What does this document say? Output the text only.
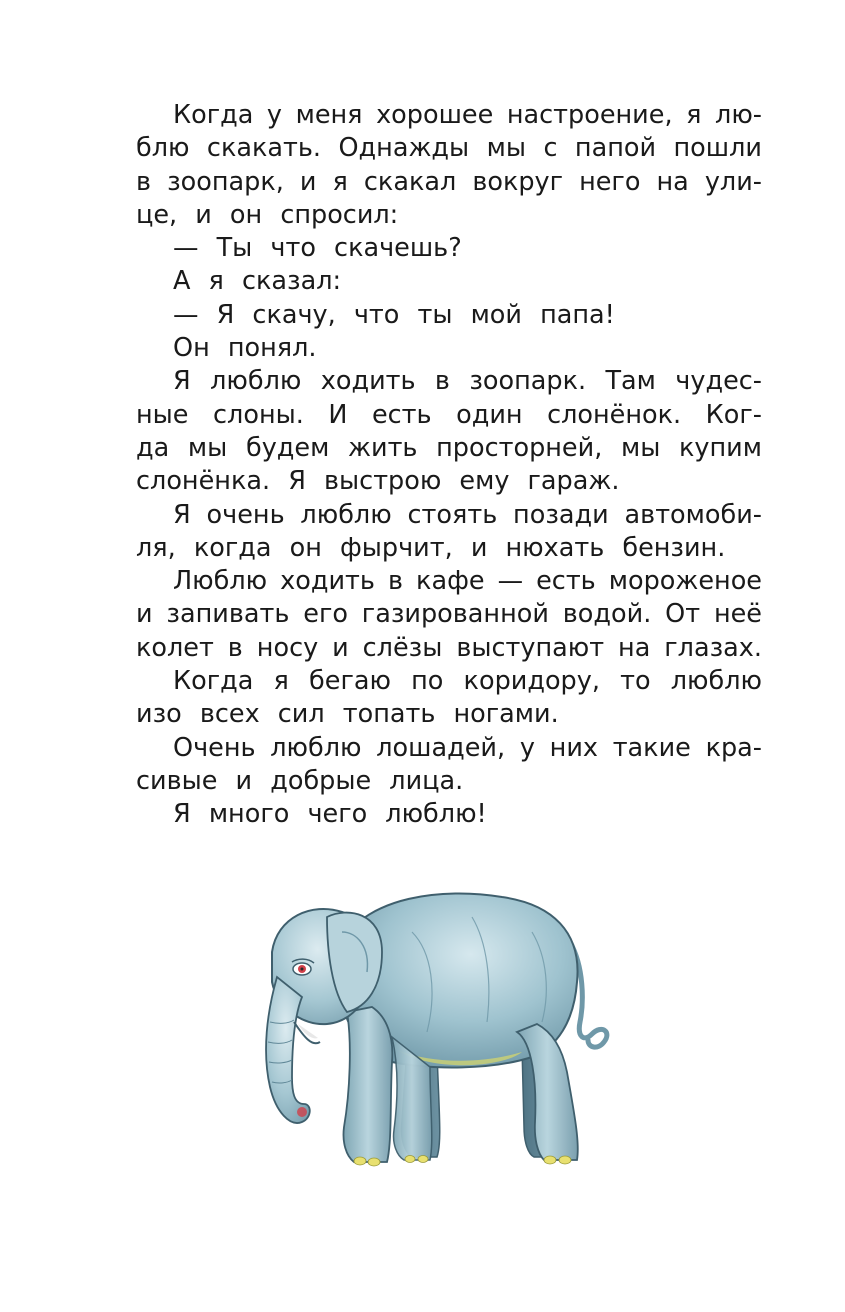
Когда у меня хорошее настроение, я лю-
блю скакать. Однажды мы с папой пошли
в зоопарк, и я скакал вокруг него на ули-
це, и он спросил:
— Ты что скачешь?
А я сказал:
— Я скачу, что ты мой папа!
Он понял.
Я люблю ходить в зоопарк. Там чудес-
ные слоны. И есть один слонёнок. Ког-
да мы будем жить просторней, мы купим
слонёнка. Я выстрою ему гараж.
Я очень люблю стоять позади автомоби-
ля, когда он фырчит, и нюхать бензин.
Люблю ходить в кафе — есть мороженое
и запивать его газированной водой. От неё
колет в носу и слёзы выступают на глазах.
Когда я бегаю по коридору, то люблю
изо всех сил топать ногами.
Очень люблю лошадей, у них такие кра-
сивые и добрые лица.
Я много чего люблю!
